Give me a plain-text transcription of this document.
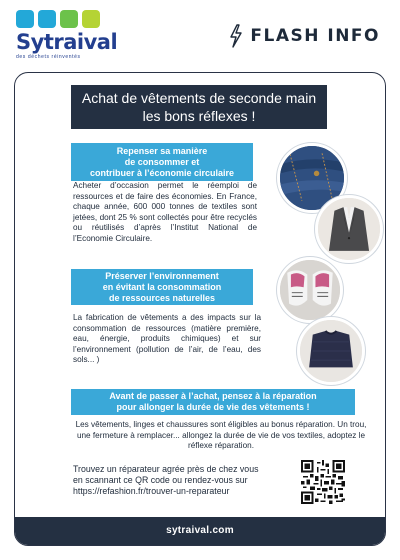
Sytraival
des déchets réinventés
FLASH INFO
Achat de vêtements de seconde main
les bons réflexes !
Repenser sa manière
de consommer et
contribuer à l’économie circulaire
Acheter d’occasion permet le réemploi de ressources et de faire des économies. En France, chaque année, 600 000 tonnes de textiles sont jetées, dont 25 % sont collectés pour être recyclés ou réutilisés d’après l’Institut National de l’Economie Circulaire.
Préserver l’environnement
en évitant la consommation
de ressources naturelles
La fabrication de vêtements a des impacts sur la consommation de ressources (matière première, eau, énergie, produits chimiques) et sur l’environnement (pollution de l’air, de l’eau, des sols... )
Avant de passer à l’achat, pensez à la réparation
pour allonger la durée de vie des vêtements !
Les vêtements, linges et chaussures sont éligibles au bonus réparation. Un trou, une fermeture à remplacer... allongez la durée de vie de vos textiles, adoptez le réflexe réparation.
Trouvez un réparateur agrée près de chez vous
en scannant ce QR code ou rendez-vous sur
https://refashion.fr/trouver-un-reparateur
sytraival.com
